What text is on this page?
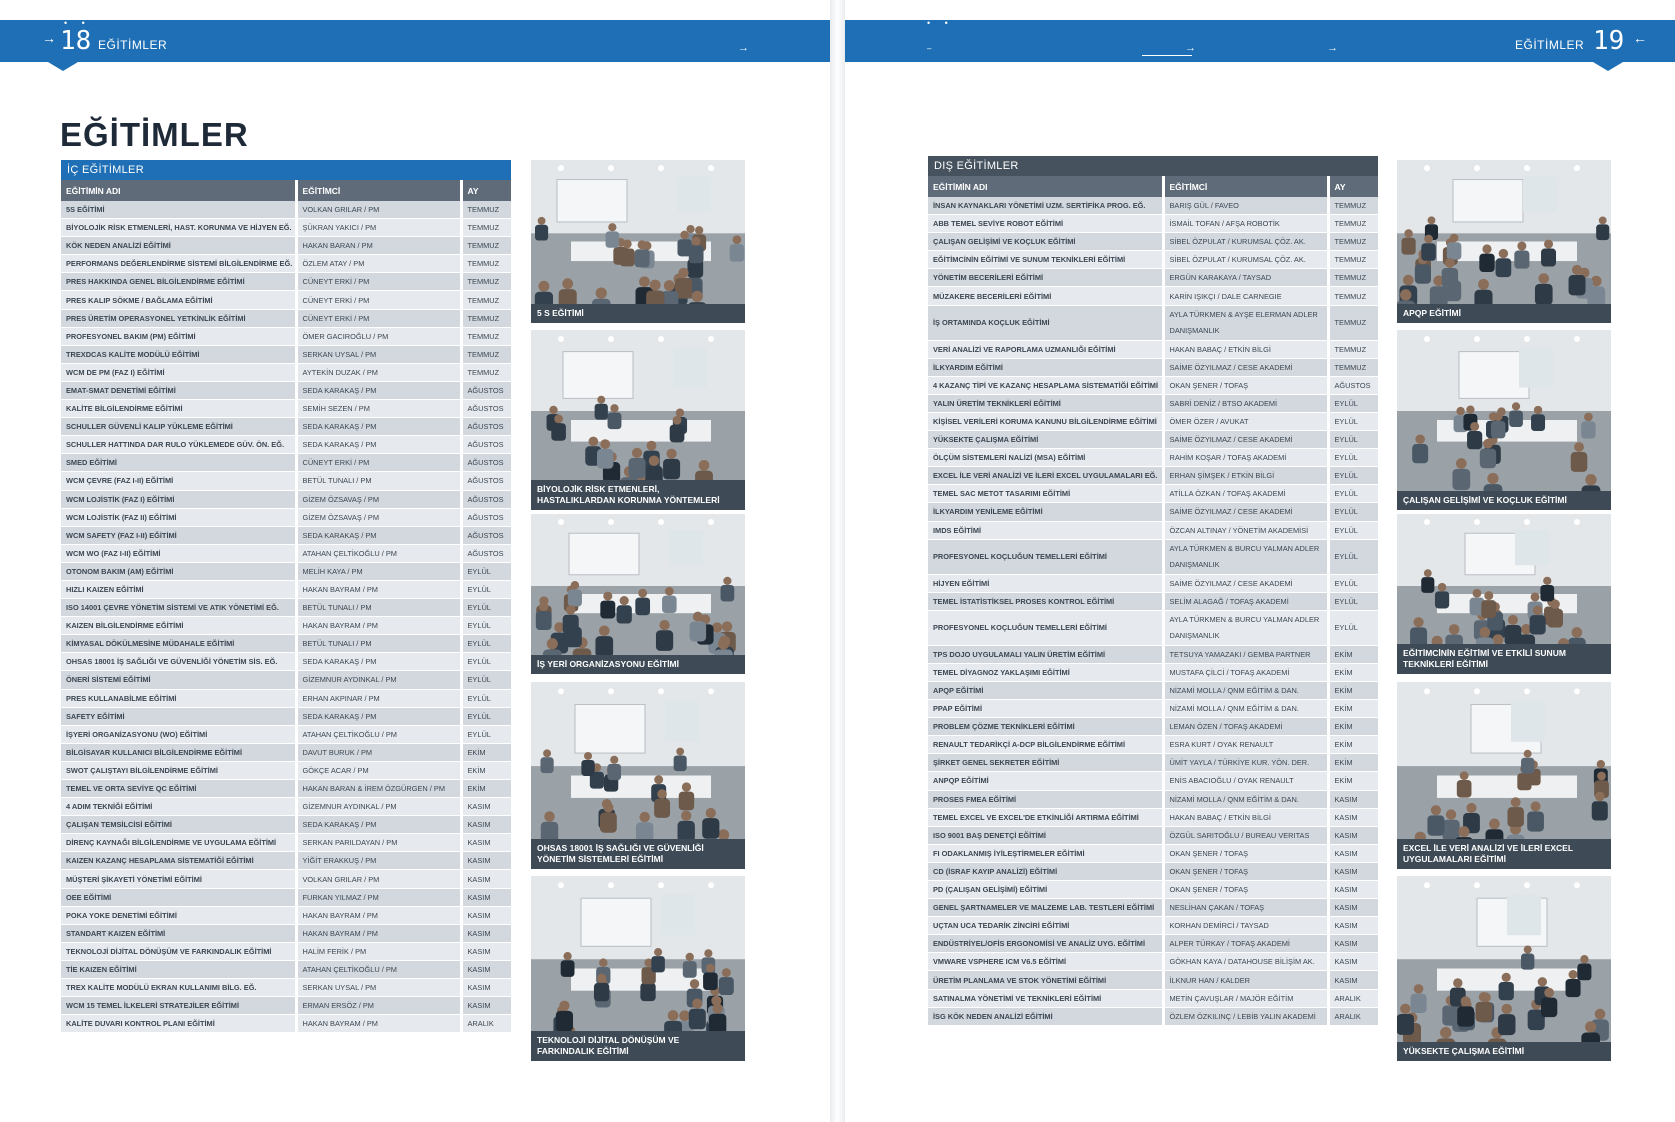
• •
→ 18 EĞİTİMLER	→
EĞİTİMLER
İÇ EĞİTİMLER
EĞİTİMİN ADI	EĞİTİMCİ	AY
5S EĞİTİMİ	VOLKAN GRILAR / PM	TEMMUZ
BİYOLOJİK RİSK ETMENLERİ, HAST. KORUNMA VE HİJYEN EĞ.	ŞÜKRAN YAKICI / PM	TEMMUZ
KÖK NEDEN ANALİZİ EĞİTİMİ	HAKAN BARAN / PM	TEMMUZ
PERFORMANS DEĞERLENDİRME SİSTEMİ BİLGİLENDİRME EĞ.	ÖZLEM ATAY / PM	TEMMUZ
PRES HAKKINDA GENEL BİLGİLENDİRME EĞİTİMİ	CÜNEYT ERKİ / PM	TEMMUZ
PRES KALIP SÖKME / BAĞLAMA EĞİTİMİ	CÜNEYT ERKİ / PM	TEMMUZ
PRES ÜRETİM OPERASYONEL YETKİNLİK EĞİTİMİ	CÜNEYT ERKİ / PM	TEMMUZ
PROFESYONEL BAKIM (PM) EĞİTİMİ	ÖMER GACIROĞLU / PM	TEMMUZ
TREXDCAS KALİTE MODÜLÜ EĞİTİMİ	SERKAN UYSAL / PM	TEMMUZ
WCM DE PM (FAZ I) EĞİTİMİ	AYTEKİN DUZAK / PM	TEMMUZ
EMAT-SMAT DENETİMİ EĞİTİMİ	SEDA KARAKAŞ / PM	AĞUSTOS
KALİTE BİLGİLENDİRME EĞİTİMİ	SEMİH SEZEN / PM	AĞUSTOS
SCHULLER GÜVENLİ KALIP YÜKLEME EĞİTİMİ	SEDA KARAKAŞ / PM	AĞUSTOS
SCHULLER HATTINDA DAR RULO YÜKLEMEDE GÜV. ÖN. EĞ.	SEDA KARAKAŞ / PM	AĞUSTOS
SMED EĞİTİMİ	CÜNEYT ERKİ / PM	AĞUSTOS
WCM ÇEVRE (FAZ I-II) EĞİTİMİ	BETÜL TUNALI / PM	AĞUSTOS
WCM LOJİSTİK (FAZ I) EĞİTİMİ	GİZEM ÖZSAVAŞ / PM	AĞUSTOS
WCM LOJİSTİK (FAZ II) EĞİTİMİ	GİZEM ÖZSAVAŞ / PM	AĞUSTOS
WCM SAFETY (FAZ I-II) EĞİTİMİ	SEDA KARAKAŞ / PM	AĞUSTOS
WCM WO (FAZ I-II) EĞİTİMİ	ATAHAN ÇELTİKOĞLU / PM	AĞUSTOS
OTONOM BAKIM (AM) EĞİTİMİ	MELİH KAYA / PM	EYLÜL
HIZLI KAIZEN EĞİTİMİ	HAKAN BAYRAM / PM	EYLÜL
ISO 14001 ÇEVRE YÖNETİM SİSTEMİ VE ATIK YÖNETİMİ EĞ.	BETÜL TUNALI / PM	EYLÜL
KAIZEN BİLGİLENDİRME EĞİTİMİ	HAKAN BAYRAM / PM	EYLÜL
KİMYASAL DÖKÜLMESİNE MÜDAHALE EĞİTİMİ	BETÜL TUNALI / PM	EYLÜL
OHSAS 18001 İŞ SAĞLIĞI VE GÜVENLİĞİ YÖNETİM SİS. EĞ.	SEDA KARAKAŞ / PM	EYLÜL
ÖNERİ SİSTEMİ EĞİTİMİ	GİZEMNUR AYDINKAL / PM	EYLÜL
PRES KULLANABİLME EĞİTİMİ	ERHAN AKPINAR / PM	EYLÜL
SAFETY EĞİTİMİ	SEDA KARAKAŞ / PM	EYLÜL
İŞYERİ ORGANİZASYONU (WO) EĞİTİMİ	ATAHAN ÇELTİKOĞLU / PM	EYLÜL
BİLGİSAYAR KULLANICI BİLGİLENDİRME EĞİTİMİ	DAVUT BURUK / PM	EKİM
SWOT ÇALIŞTAYI BİLGİLENDİRME EĞİTİMİ	GÖKÇE ACAR / PM	EKİM
TEMEL VE ORTA SEVİYE QC EĞİTİMİ	HAKAN BARAN & İREM ÖZGÜRGEN / PM	EKİM
4 ADIM TEKNİĞİ EĞİTİMİ	GİZEMNUR AYDINKAL / PM	KASIM
ÇALIŞAN TEMSİLCİSİ EĞİTİMİ	SEDA KARAKAŞ / PM	KASIM
DİRENÇ KAYNAĞI BİLGİLENDİRME VE UYGULAMA EĞİTİMİ	SERKAN PARILDAYAN / PM	KASIM
KAIZEN KAZANÇ HESAPLAMA SİSTEMATİĞİ EĞİTİMİ	YİĞİT ERAKKUŞ / PM	KASIM
MÜŞTERİ ŞİKAYETİ YÖNETİMİ EĞİTİMİ	VOLKAN GRILAR / PM	KASIM
OEE EĞİTİMİ	FURKAN YILMAZ / PM	KASIM
POKA YOKE DENETİMİ EĞİTİMİ	HAKAN BAYRAM / PM	KASIM
STANDART KAIZEN EĞİTİMİ	HAKAN BAYRAM / PM	KASIM
TEKNOLOJİ DİJİTAL DÖNÜŞÜM VE FARKINDALIK EĞİTİMİ	HALİM FERİK / PM	KASIM
TİE KAIZEN EĞİTİMİ	ATAHAN ÇELTİKOĞLU / PM	KASIM
TREX KALİTE MODÜLÜ EKRAN KULLANIMI BİLG. EĞ.	SERKAN UYSAL / PM	KASIM
WCM 15 TEMEL İLKELERİ STRATEJİLER EĞİTİMİ	ERMAN ERSÖZ / PM	KASIM
KALİTE DUVARI KONTROL PLANI EĞİTİMİ	HAKAN BAYRAM / PM	ARALIK
5 S EĞİTİMİ
BİYOLOJİK RİSK ETMENLERİ, HASTALIKLARDAN KORUNMA YÖNTEMLERİ
İŞ YERİ ORGANİZASYONU EĞİTİMİ
OHSAS 18001 İŞ SAĞLIĞI VE GÜVENLİĞİ YÖNETİM SİSTEMLERİ EĞİTİMİ
TEKNOLOJİ DİJİTAL DÖNÜŞÜM VE FARKINDALIK EĞİTİMİ
• •
–	→	→	EĞİTİMLER 19 ←
DIŞ EĞİTİMLER
EĞİTİMİN ADI	EĞİTİMCİ	AY
İNSAN KAYNAKLARI YÖNETİMİ UZM. SERTİFİKA PROG. EĞ.	BARIŞ GÜL / FAVEO	TEMMUZ
ABB TEMEL SEVİYE ROBOT EĞİTİMİ	İSMAİL TOFAN / AFŞA ROBOTİK	TEMMUZ
ÇALIŞAN GELİŞİMİ VE KOÇLUK EĞİTİMİ	SİBEL ÖZPULAT / KURUMSAL ÇÖZ. AK.	TEMMUZ
EĞİTİMCİNİN EĞİTİMİ VE SUNUM TEKNİKLERİ EĞİTİMİ	SİBEL ÖZPULAT / KURUMSAL ÇÖZ. AK.	TEMMUZ
YÖNETİM BECERİLERİ EĞİTİMİ	ERGÜN KARAKAYA / TAYSAD	TEMMUZ
MÜZAKERE BECERİLERİ EĞİTİMİ	KARİN IŞIKÇI / DALE CARNEGIE	TEMMUZ
İŞ ORTAMINDA KOÇLUK EĞİTİMİ	AYLA TÜRKMEN & AYŞE ELERMAN ADLER DANIŞMANLIK	TEMMUZ
VERİ ANALİZİ VE RAPORLAMA UZMANLIĞI EĞİTİMİ	HAKAN BABAÇ / ETKİN BİLGİ	TEMMUZ
İLKYARDIM EĞİTİMİ	SAİME ÖZYILMAZ / CESE AKADEMİ	TEMMUZ
4 KAZANÇ TİPİ VE KAZANÇ HESAPLAMA SİSTEMATİĞİ EĞİTİMİ	OKAN ŞENER / TOFAŞ	AĞUSTOS
YALIN ÜRETİM TEKNİKLERİ EĞİTİMİ	SABRİ DENİZ / BTSO AKADEMİ	EYLÜL
KİŞİSEL VERİLERİ KORUMA KANUNU BİLGİLENDİRME EĞİTİMİ	ÖMER ÖZER / AVUKAT	EYLÜL
YÜKSEKTE ÇALIŞMA EĞİTİMİ	SAİME ÖZYILMAZ / CESE AKADEMİ	EYLÜL
ÖLÇÜM SİSTEMLERİ NALİZİ (MSA) EĞİTİMİ	RAHİM KOŞAR / TOFAŞ AKADEMİ	EYLÜL
EXCEL İLE VERİ ANALİZİ VE İLERİ EXCEL UYGULAMALARI EĞ.	ERHAN ŞİMŞEK / ETKİN BİLGİ	EYLÜL
TEMEL SAC METOT TASARIMI EĞİTİMİ	ATİLLA ÖZKAN / TOFAŞ AKADEMİ	EYLÜL
İLKYARDIM YENİLEME EĞİTİMİ	SAİME ÖZYILMAZ / CESE AKADEMİ	EYLÜL
IMDS EĞİTİMİ	ÖZCAN ALTINAY / YÖNETİM AKADEMİSİ	EYLÜL
PROFESYONEL KOÇLUĞUN TEMELLERİ EĞİTİMİ	AYLA TÜRKMEN & BURCU YALMAN ADLER DANIŞMANLIK	EYLÜL
HİJYEN EĞİTİMİ	SAİME ÖZYILMAZ / CESE AKADEMİ	EYLÜL
TEMEL İSTATİSTİKSEL PROSES KONTROL EĞİTİMİ	SELİM ALAGAĞ / TOFAŞ AKADEMİ	EYLÜL
PROFESYONEL KOÇLUĞUN TEMELLERİ EĞİTİMİ	AYLA TÜRKMEN & BURCU YALMAN ADLER DANIŞMANLIK	EYLÜL
TPS DOJO UYGULAMALI YALIN ÜRETİM EĞİTİMİ	TETSUYA YAMAZAKI / GEMBA PARTNER	EKİM
TEMEL DİYAGNOZ YAKLAŞIMI EĞİTİMİ	MUSTAFA ÇİLCİ / TOFAŞ AKADEMİ	EKİM
APQP EĞİTİMİ	NİZAMİ MOLLA / QNM EĞİTİM & DAN.	EKİM
PPAP EĞİTİMİ	NİZAMİ MOLLA / QNM EĞİTİM & DAN.	EKİM
PROBLEM ÇÖZME TEKNİKLERİ EĞİTİMİ	LEMAN ÖZEN / TOFAŞ AKADEMİ	EKİM
RENAULT TEDARİKÇİ A-DCP BİLGİLENDİRME EĞİTİMİ	ESRA KURT / OYAK RENAULT	EKİM
ŞİRKET GENEL SEKRETER EĞİTİMİ	ÜMİT YAYLA / TÜRKİYE KUR. YÖN. DER.	EKİM
ANPQP EĞİTİMİ	ENİS ABACIOĞLU / OYAK RENAULT	EKİM
PROSES FMEA EĞİTİMİ	NİZAMİ MOLLA / QNM EĞİTİM & DAN.	KASIM
TEMEL EXCEL VE EXCEL'DE ETKİNLİĞİ ARTIRMA EĞİTİMİ	HAKAN BABAÇ / ETKİN BİLGİ	KASIM
ISO 9001 BAŞ DENETÇİ EĞİTİMİ	ÖZGÜL SARITOĞLU / BUREAU VERITAS	KASIM
FI ODAKLANMIŞ İYİLEŞTİRMELER EĞİTİMİ	OKAN ŞENER / TOFAŞ	KASIM
CD (İSRAF KAYIP ANALİZİ) EĞİTİMİ	OKAN ŞENER / TOFAŞ	KASIM
PD (ÇALIŞAN GELİŞİMİ) EĞİTİMİ	OKAN ŞENER / TOFAŞ	KASIM
GENEL ŞARTNAMELER VE MALZEME LAB. TESTLERİ EĞİTİMİ	NESLİHAN ÇAKAN / TOFAŞ	KASIM
UÇTAN UCA TEDARİK ZİNCİRİ EĞİTİMİ	KORHAN DEMİRCİ / TAYSAD	KASIM
ENDÜSTRİYEL/OFİS ERGONOMİSİ VE ANALİZ UYG. EĞİTİMİ	ALPER TÜRKAY / TOFAŞ AKADEMİ	KASIM
VMWARE VSPHERE ICM V6.5 EĞİTİMİ	GÖKHAN KAYA / DATAHOUSE BİLİŞİM AK.	KASIM
ÜRETİM PLANLAMA VE STOK YÖNETİMİ EĞİTİMİ	İLKNUR HAN / KALDER	KASIM
SATINALMA YÖNETİMİ VE TEKNİKLERİ EĞİTİMİ	METİN ÇAVUŞLAR / MAJÖR EĞİTİM	ARALIK
İSG KÖK NEDEN ANALİZİ EĞİTİMİ	ÖZLEM ÖZKILINÇ / LEBİB YALIN AKADEMİ	ARALIK
APQP EĞİTİMİ
ÇALIŞAN GELİŞİMİ VE KOÇLUK EĞİTİMİ
EĞİTİMCİNİN EĞİTİMİ VE ETKİLİ SUNUM TEKNİKLERİ EĞİTİMİ
EXCEL İLE VERİ ANALİZİ VE İLERİ EXCEL UYGULAMALARI EĞİTİMİ
YÜKSEKTE ÇALIŞMA EĞİTİMİ
